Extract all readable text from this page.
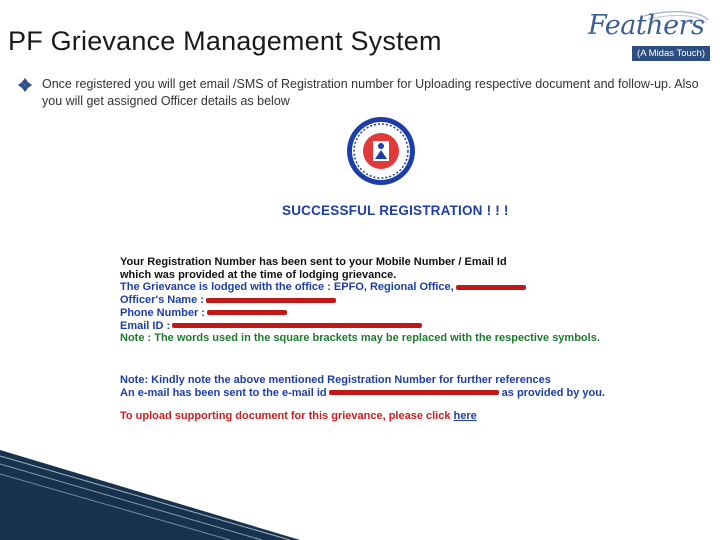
PF Grievance Management System	Feathers
(A Midas Touch)
Once registered you will get email /SMS of Registration number for Uploading respective document and follow-up. Also you will get assigned Officer details as below
SUCCESSFUL REGISTRATION ! ! !
Your Registration Number has been sent to your Mobile Number / Email Id
which was provided at the time of lodging grievance.
The Grievance is lodged with the office : EPFO, Regional Office,
Officer's Name :
Phone Number :
Email ID :
Note : The words used in the square brackets may be replaced with the respective symbols.
Note: Kindly note the above mentioned Registration Number for further references
An e-mail has been sent to the e-mail id	as provided by you.
To upload supporting document for this grievance, please click here
